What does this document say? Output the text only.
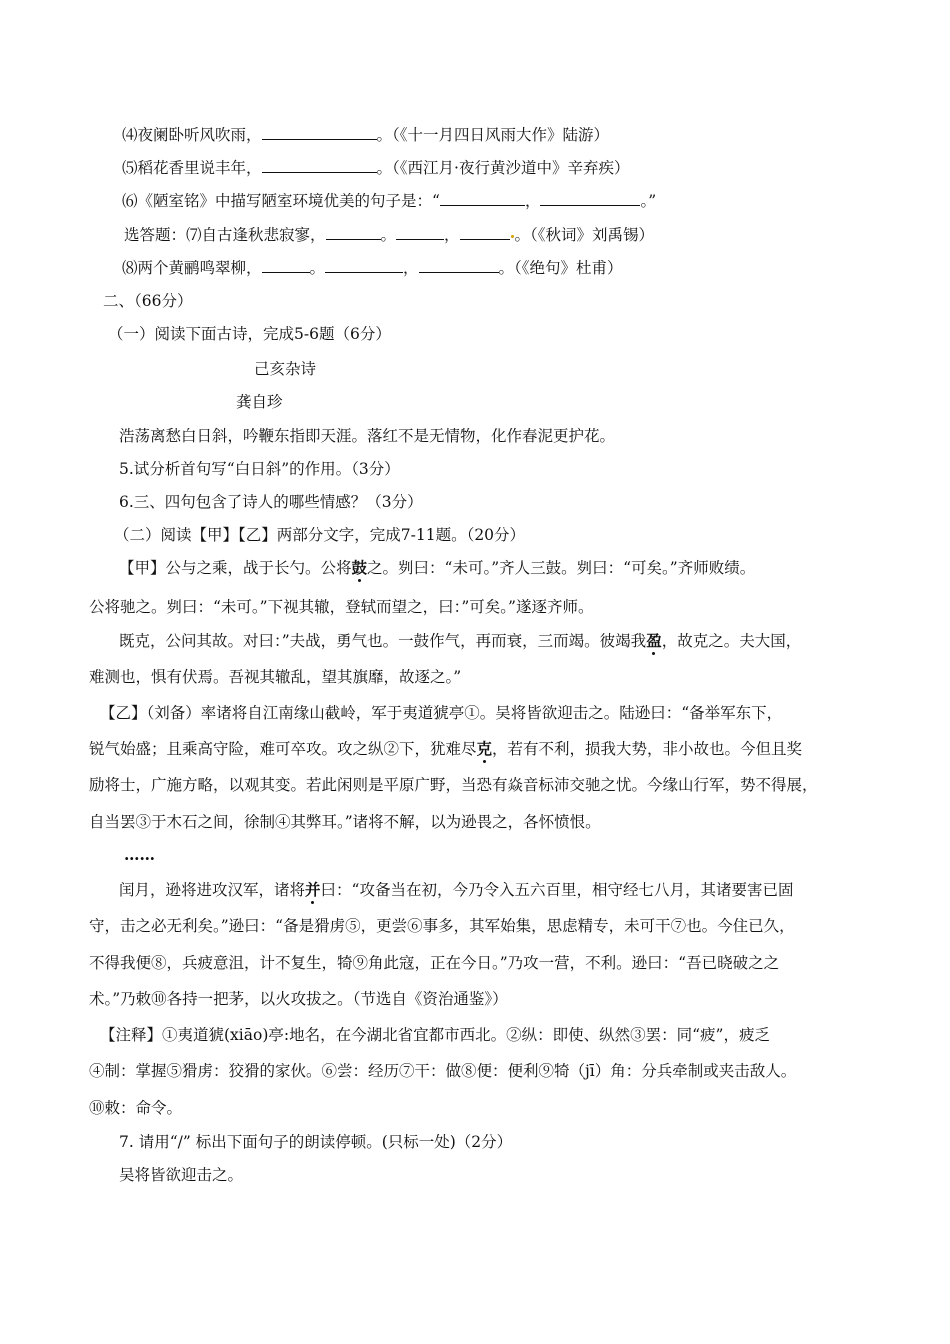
⑷夜阑卧听风吹雨，	。（《十一月四日风雨大作》陆游）
⑸稻花香里说丰年，	。（《西江月·夜行黄沙道中》辛弃疾）
⑹《陋室铭》中描写陋室环境优美的句子是：“	，	。”
选答题：⑺自古逢秋悲寂寥，	。	，	。（《秋词》刘禹锡）
⑻两个黄鹂鸣翠柳，	。	，	。（《绝句》杜甫）
二、（66分）
（一）阅读下面古诗，完成5-6题（6分）
己亥杂诗
龚自珍
浩荡离愁白日斜，吟鞭东指即天涯。落红不是无情物，化作春泥更护花。
5.试分析首句写“白日斜”的作用。（3分）
6.三、四句包含了诗人的哪些情感？（3分）
（二）阅读【甲】【乙】两部分文字，完成7-11题。（20分）
【甲】公与之乘，战于长勺。公将鼓之。刿曰：“未可。”齐人三鼓。刿曰：“可矣。”齐师败绩。
公将驰之。刿曰：“未可。”下视其辙，登轼而望之，曰：”可矣。”遂逐齐师。
既克，公问其故。对曰：”夫战，勇气也。一鼓作气，再而衰，三而竭。彼竭我盈，故克之。夫大国，
难测也，惧有伏焉。吾视其辙乱，望其旗靡，故逐之。”
【乙】（刘备）率诸将自江南缘山截岭，军于夷道猇亭①。吴将皆欲迎击之。陆逊曰：“备举军东下，
锐气始盛；且乘高守险，难可卒攻。攻之纵②下，犹难尽克，若有不利，损我大势，非小故也。今但且奖
励将士，广施方略，以观其变。若此闲则是平原广野，当恐有焱音标沛交驰之忧。今缘山行军，势不得展，
自当罢③于木石之间，徐制④其弊耳。”诸将不解，以为逊畏之，各怀愤恨。
……
闰月，逊将进攻汉军，诸将并曰：“攻备当在初，今乃令入五六百里，相守经七八月，其诸要害已固
守，击之必无利矣。”逊曰：“备是猾虏⑤，更尝⑥事多，其军始集，思虑精专，未可干⑦也。今住已久，
不得我便⑧，兵疲意沮，计不复生，犄⑨角此寇，正在今日。”乃攻一营，不利。逊曰：“吾已晓破之之
术。”乃敕⑩各持一把茅，以火攻拔之。（节选自《资治通鉴》）
【注释】①夷道猇(xiāo)亭:地名，在今湖北省宜都市西北。②纵：即使、纵然③罢：同“疲”，疲乏
④制：掌握⑤猾虏：狡猾的家伙。⑥尝：经历⑦干：做⑧便：便利⑨犄（jī）角：分兵牵制或夹击敌人。
⑩敕：命令。
7. 请用“/” 标出下面句子的朗读停顿。(只标一处)（2分）
吴将皆欲迎击之。
